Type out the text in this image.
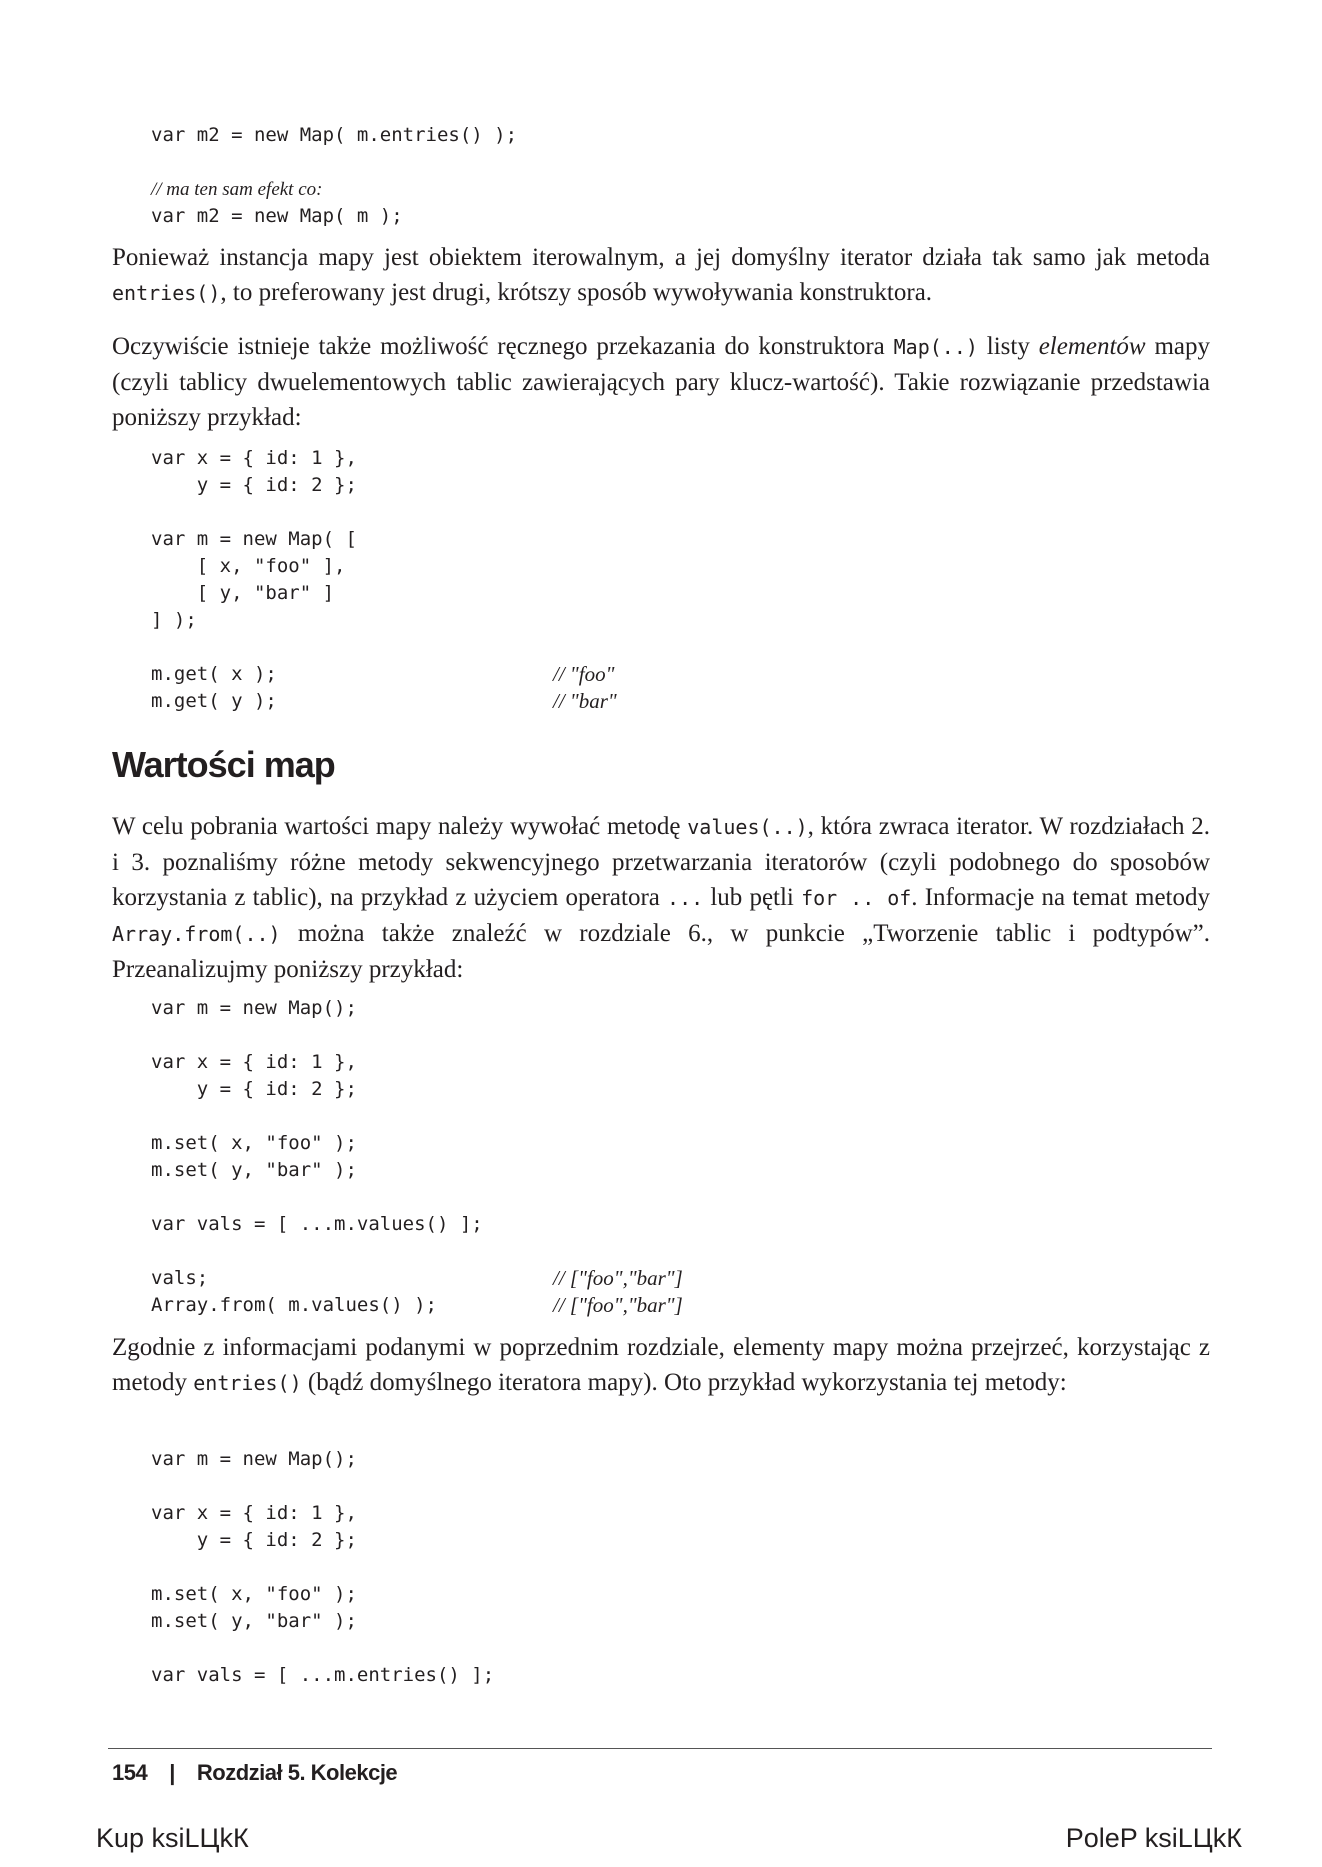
var m2 = new Map( m.entries() );
// ma ten sam efekt co:
var m2 = new Map( m );

Ponieważ instancja mapy jest obiektem iterowalnym, a jej domyślny iterator działa tak samo jak metoda entries(), to preferowany jest drugi, krótszy sposób wywoływania konstruktora.

Oczywiście istnieje także możliwość ręcznego przekazania do konstruktora Map(..) listy elementów mapy (czyli tablicy dwuelementowych tablic zawierających pary klucz-wartość). Takie rozwiązanie przedstawia poniższy przykład:

var x = { id: 1 },
y = { id: 2 };
var m = new Map( [
[ x, "foo" ],
[ y, "bar" ]
] );
m.get( x );	// "foo"
m.get( y );	// "bar"
Wartości map

W celu pobrania wartości mapy należy wywołać metodę values(..), która zwraca iterator. W rozdziałach 2. i 3. poznaliśmy różne metody sekwencyjnego przetwarzania iteratorów (czyli podobnego do sposobów korzystania z tablic), na przykład z użyciem operatora ... lub pętli for .. of. Informacje na temat metody Array.from(..) można także znaleźć w rozdziale 6., w punkcie „Tworzenie tablic i podtypów”. Przeanalizujmy poniższy przykład:

var m = new Map();
var x = { id: 1 },
y = { id: 2 };
m.set( x, "foo" );
m.set( y, "bar" );
var vals = [ ...m.values() ];
vals;	// ["foo","bar"]
Array.from( m.values() );	// ["foo","bar"]

Zgodnie z informacjami podanymi w poprzednim rozdziale, elementy mapy można przejrzeć, korzystając z metody entries() (bądź domyślnego iteratora mapy). Oto przykład wykorzystania tej metody:

var m = new Map();
var x = { id: 1 },
y = { id: 2 };
m.set( x, "foo" );
m.set( y, "bar" );
var vals = [ ...m.entries() ];
154 | Rozdział 5. Kolekcje
Kup ksiLЦkК	PoleP ksiLЦkК
